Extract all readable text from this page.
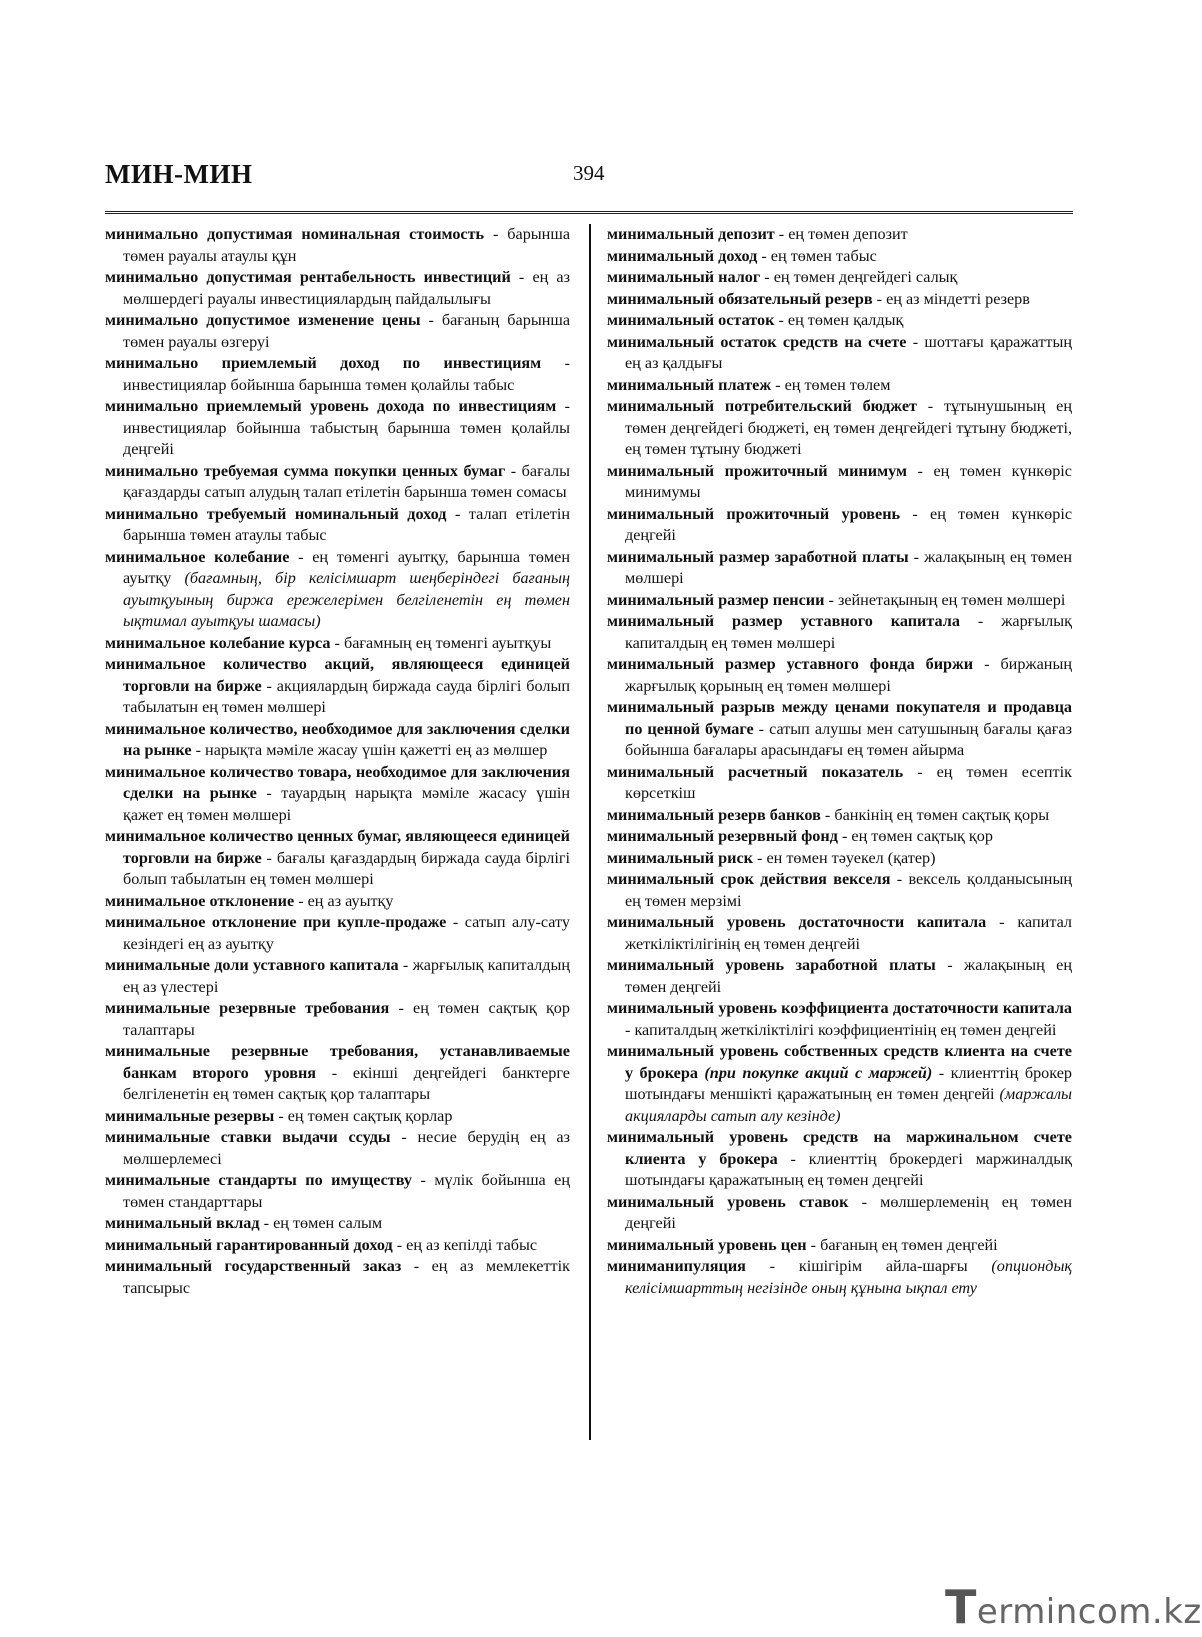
МИН-МИН	394

минимально допустимая номинальная стоимость - барынша төмен рауалы атаулы құн

минимально допустимая рентабельность инвестиций - ең аз мөлшердегі рауалы инвестициялардың пайдалылығы

минимально допустимое изменение цены - бағаның барынша төмен рауалы өзгеруі

минимально приемлемый доход по инвестициям - инвестициялар бойынша барынша төмен қолайлы табыс

минимально приемлемый уровень дохода по инвестициям - инвестициялар бойынша табыстың барынша төмен қолайлы деңгейі

минимально требуемая сумма покупки ценных бумаг - бағалы қағаздарды сатып алудың талап етілетін барынша төмен сомасы

минимально требуемый номинальный доход - талап етілетін барынша төмен атаулы табыс

минимальное колебание - ең төменгі ауытқу, барынша төмен ауытқу (бағамның, бір келісімшарт шеңберіндегі бағаның ауытқуының биржа ережелерімен белгіленетін ең төмен ықтимал ауытқуы шамасы)

минимальное колебание курса - бағамның ең төменгі ауытқуы

минимальное количество акций, являющееся единицей торговли на бирже - акциялардың биржада сауда бірлігі болып табылатын ең төмен мөлшері

минимальное количество, необходимое для заключения сделки на рынке - нарықта мәміле жасау үшін қажетті ең аз мөлшер

минимальное количество товара, необходимое для заключения сделки на рынке - тауардың нарықта мәміле жасасу үшін қажет ең төмен мөлшері

минимальное количество ценных бумаг, являющееся единицей торговли на бирже - бағалы қағаздардың биржада сауда бірлігі болып табылатын ең төмен мөлшері

минимальное отклонение - ең аз ауытқу

минимальное отклонение при купле-продаже - сатып алу-сату кезіндегі ең аз ауытқу

минимальные доли уставного капитала - жарғылық капиталдың ең аз үлестері

минимальные резервные требования - ең төмен сақтық қор талаптары

минимальные резервные требования, устанавливаемые банкам второго уровня - екінші деңгейдегі банктерге белгіленетін ең төмен сақтық қор талаптары

минимальные резервы - ең төмен сақтық қорлар

минимальные ставки выдачи ссуды - несие берудің ең аз мөлшерлемесі

минимальные стандарты по имуществу - мүлік бойынша ең төмен стандарттары

минимальный вклад - ең төмен салым

минимальный гарантированный доход - ең аз кепілді табыс

минимальный государственный заказ - ең аз мемлекеттік тапсырыс

минимальный депозит - ең төмен депозит

минимальный доход - ең төмен табыс

минимальный налог - ең төмен деңгейдегі салық

минимальный обязательный резерв - ең аз міндетті резерв

минимальный остаток - ең төмен қалдық

минимальный остаток средств на счете - шоттағы қаражаттың ең аз қалдығы

минимальный платеж - ең төмен төлем

минимальный потребительский бюджет - тұтынушының ең төмен деңгейдегі бюджеті, ең төмен деңгейдегі тұтыну бюджеті, ең төмен тұтыну бюджеті

минимальный прожиточный минимум - ең төмен күнкөріс минимумы

минимальный прожиточный уровень - ең төмен күнкөріс деңгейі

минимальный размер заработной платы - жалақының ең төмен мөлшері

минимальный размер пенсии - зейнетақының ең төмен мөлшері

минимальный размер уставного капитала - жарғылық капиталдың ең төмен мөлшері

минимальный размер уставного фонда биржи - биржаның жарғылық қорының ең төмен мөлшері

минимальный разрыв между ценами покупателя и продавца по ценной бумаге - сатып алушы мен сатушының бағалы қағаз бойынша бағалары арасындағы ең төмен айырма

минимальный расчетный показатель - ең төмен есептік көрсеткіш

минимальный резерв банков - банкінің ең төмен сақтық қоры

минимальный резервный фонд - ең төмен сақтық қор

минимальный риск - ен төмен тәуекел (қатер)

минимальный срок действия векселя - вексель қолданысының ең төмен мерзімі

минимальный уровень достаточности капитала - капитал жеткіліктілігінің ең төмен деңгейі

минимальный уровень заработной платы - жалақының ең төмен деңгейі

минимальный уровень коэффициента достаточности капитала - капиталдың жеткіліктілігі коэффициентінің ең төмен деңгейі

минимальный уровень собственных средств клиента на счете у брокера (при покупке акций с маржей) - клиенттің брокер шотындағы меншікті қаражатының ен төмен деңгейі (маржалы акцияларды сатып алу кезінде)

минимальный уровень средств на маржинальном счете клиента у брокера - клиенттің брокердегі маржиналдық шотындағы қаражатының ең төмен деңгейі

минимальный уровень ставок - мөлшерлеменің ең төмен деңгейі

минимальный уровень цен - бағаның ең төмен деңгейі

миниманипуляция - кішігірім айла-шарғы (опциондық келісімшарттың негізінде оның құнына ықпал ету

Termincom.kz
